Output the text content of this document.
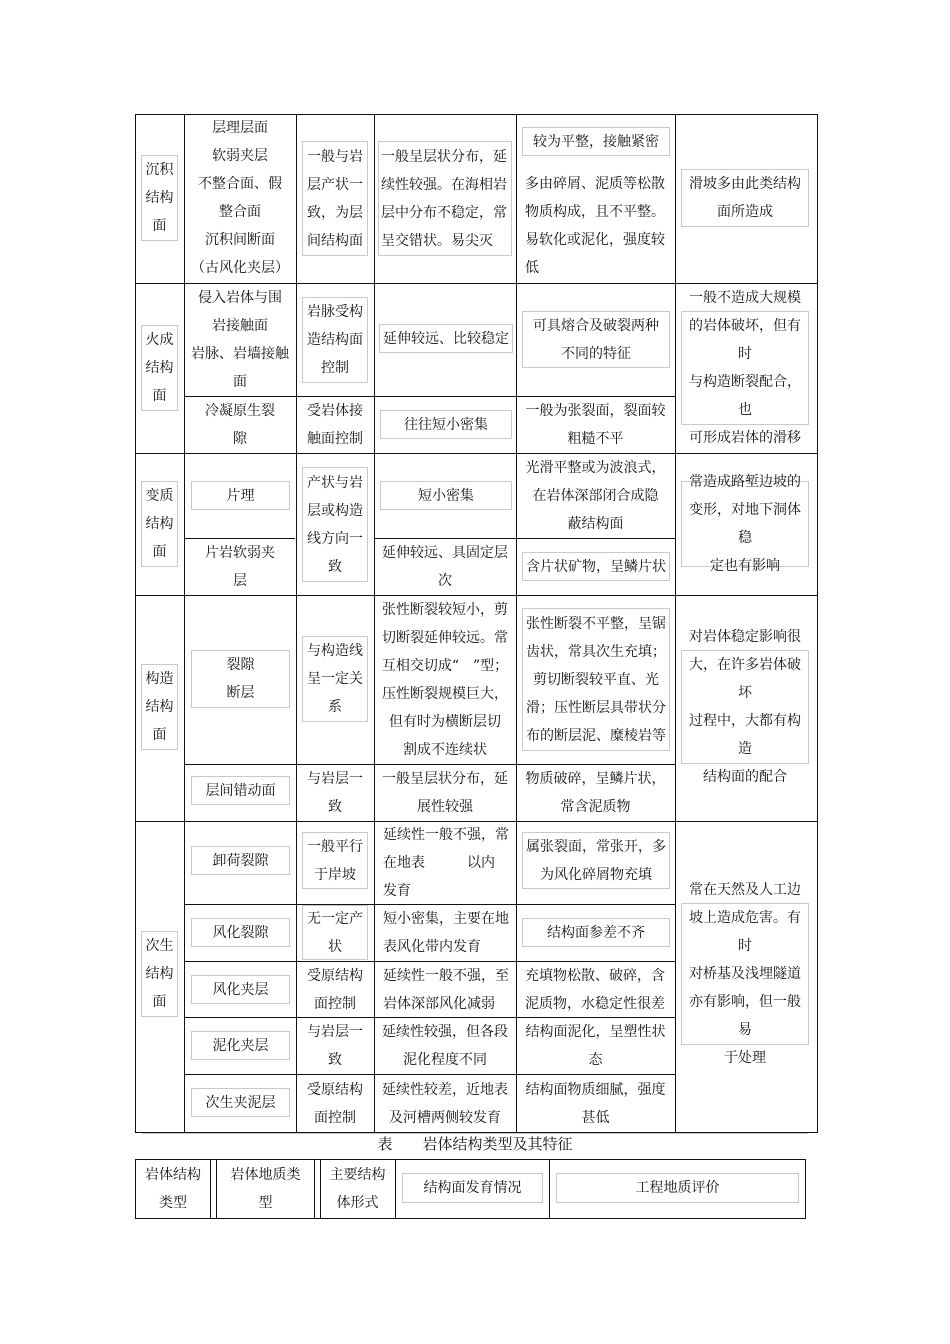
沉积
结构
面
层理层面
软弱夹层
不整合面、假
整合面
沉积间断面
（古风化夹层）
一般与岩
层产状一
致，为层
间结构面
一般呈层状分布，延
续性较强。在海相岩
层中分布不稳定，常
呈交错状。易尖灭
较为平整，接触紧密
多由碎屑、泥质等松散
物质构成，且不平整。
易软化或泥化，强度较
低
滑坡多由此类结构
面所造成
火成
结构
面
侵入岩体与围
岩接触面
岩脉、岩墙接触
面
岩脉受构
造结构面
控制
延伸较远、比较稳定
可具熔合及破裂两种
不同的特征
冷凝原生裂
隙
受岩体接
触面控制
往往短小密集
一般为张裂面，裂面较
粗糙不平
一般不造成大规模
的岩体破坏，但有时
与构造断裂配合，也
可形成岩体的滑移
变质
结构
面
片理
产状与岩
层或构造
线方向一
致
短小密集
光滑平整或为波浪式，
在岩体深部闭合成隐
蔽结构面
片岩软弱夹
层
延伸较远、具固定层
次
含片状矿物，呈鳞片状
常造成路堑边坡的
变形，对地下洞体稳
定也有影响
构造
结构
面
裂隙
断层
与构造线
呈一定关
系
张性断裂较短小，剪
切断裂延伸较远。常
互相交切成“　”型；
压性断裂规模巨大，
但有时为横断层切
割成不连续状
张性断裂不平整，呈锯
齿状，常具次生充填；
剪切断裂较平直、光
滑；压性断层具带状分
布的断层泥、糜棱岩等
层间错动面
与岩层一
致
一般呈层状分布，延
展性较强
物质破碎，呈鳞片状，
常含泥质物
对岩体稳定影响很
大，在许多岩体破坏
过程中，大都有构造
结构面的配合
次生
结构
面
卸荷裂隙
一般平行
于岸坡
延续性一般不强，常
在地表　　　以内
发育
属张裂面，常张开，多
为风化碎屑物充填
风化裂隙
无一定产
状
短小密集，主要在地
表风化带内发育
结构面参差不齐
风化夹层
受原结构
面控制
延续性一般不强，至
岩体深部风化减弱
充填物松散、破碎，含
泥质物，水稳定性很差
泥化夹层
与岩层一
致
延续性较强，但各段
泥化程度不同
结构面泥化，呈塑性状
态
次生夹泥层
受原结构
面控制
延续性较差，近地表
及河槽两侧较发育
结构面物质细腻，强度
甚低
常在天然及人工边
坡上造成危害。有时
对桥基及浅埋隧道
亦有影响，但一般易
于处理
表　　岩体结构类型及其特征
岩体结构
类型
岩体地质类
型
主要结构
体形式
结构面发育情况	工程地质评价
